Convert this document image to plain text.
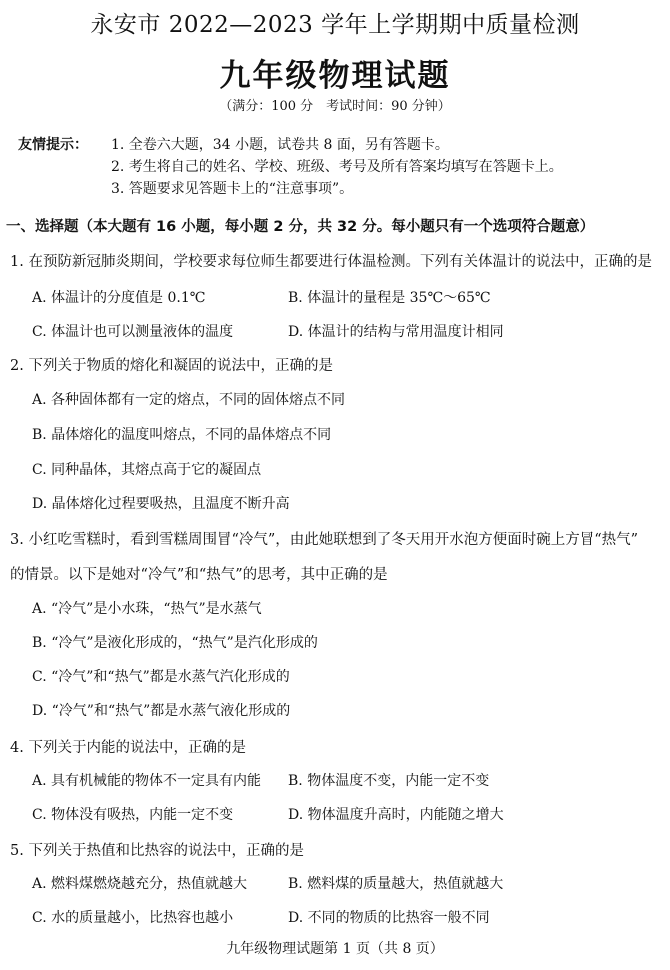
永安市 2022—2023 学年上学期期中质量检测
九年级物理试题
（满分：100 分　考试时间：90 分钟）
友情提示： 1. 全卷六大题，34 小题，试卷共 8 面，另有答题卡。
2. 考生将自己的姓名、学校、班级、考号及所有答案均填写在答题卡上。
3. 答题要求见答题卡上的“注意事项”。
一、选择题（本大题有 16 小题，每小题 2 分，共 32 分。每小题只有一个选项符合题意）
1. 在预防新冠肺炎期间，学校要求每位师生都要进行体温检测。下列有关体温计的说法中，正确的是
A. 体温计的分度值是 0.1℃	B. 体温计的量程是 35℃～65℃
C. 体温计也可以测量液体的温度	D. 体温计的结构与常用温度计相同
2. 下列关于物质的熔化和凝固的说法中，正确的是
A. 各种固体都有一定的熔点，不同的固体熔点不同
B. 晶体熔化的温度叫熔点，不同的晶体熔点不同
C. 同种晶体，其熔点高于它的凝固点
D. 晶体熔化过程要吸热，且温度不断升高
3. 小红吃雪糕时，看到雪糕周围冒“冷气”，由此她联想到了冬天用开水泡方便面时碗上方冒“热气”
的情景。以下是她对“冷气”和“热气”的思考，其中正确的是
A. “冷气”是小水珠，“热气”是水蒸气
B. “冷气”是液化形成的，“热气”是汽化形成的
C. “冷气”和“热气”都是水蒸气汽化形成的
D. “冷气”和“热气”都是水蒸气液化形成的
4. 下列关于内能的说法中，正确的是
A. 具有机械能的物体不一定具有内能 B. 物体温度不变，内能一定不变
C. 物体没有吸热，内能一定不变	D. 物体温度升高时，内能随之增大
5. 下列关于热值和比热容的说法中，正确的是
A. 燃料煤燃烧越充分，热值就越大	B. 燃料煤的质量越大，热值就越大
C. 水的质量越小，比热容也越小	D. 不同的物质的比热容一般不同
九年级物理试题第 1 页（共 8 页）
